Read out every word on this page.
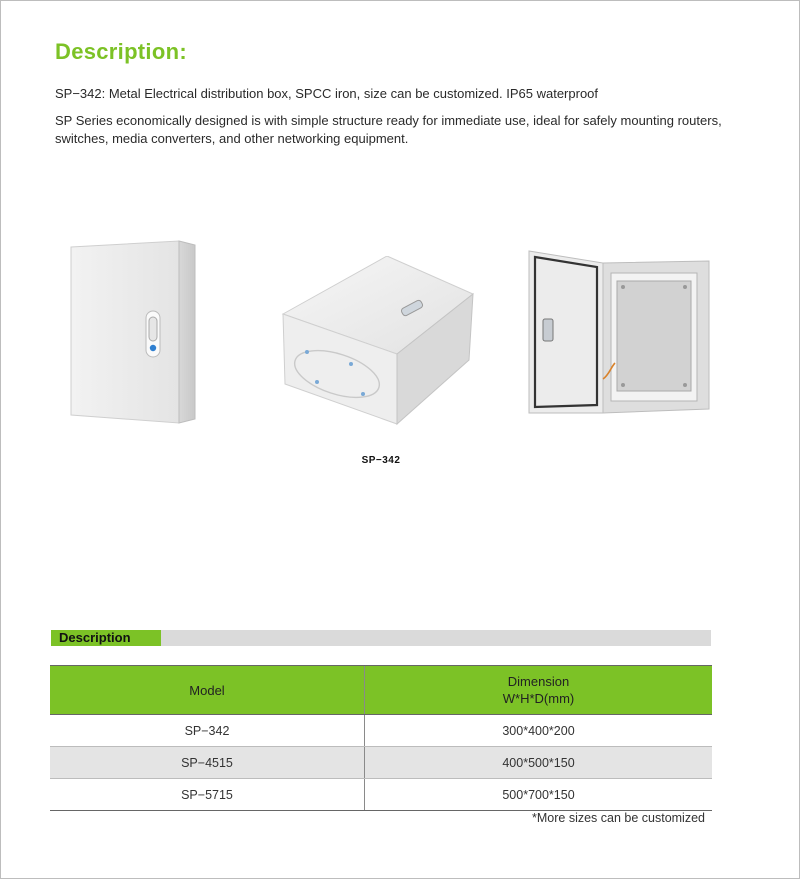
Description:
SP−342: Metal Electrical distribution box, SPCC iron, size can be customized. IP65 waterproof
SP Series economically designed is with simple structure ready for immediate use, ideal for safely mounting routers, switches, media converters, and other networking equipment.
SP−342
Description
Model	Dimension
W*H*D(mm)

SP−342	300*400*200
SP−4515	400*500*150
SP−5715	500*700*150
*More sizes can be customized
